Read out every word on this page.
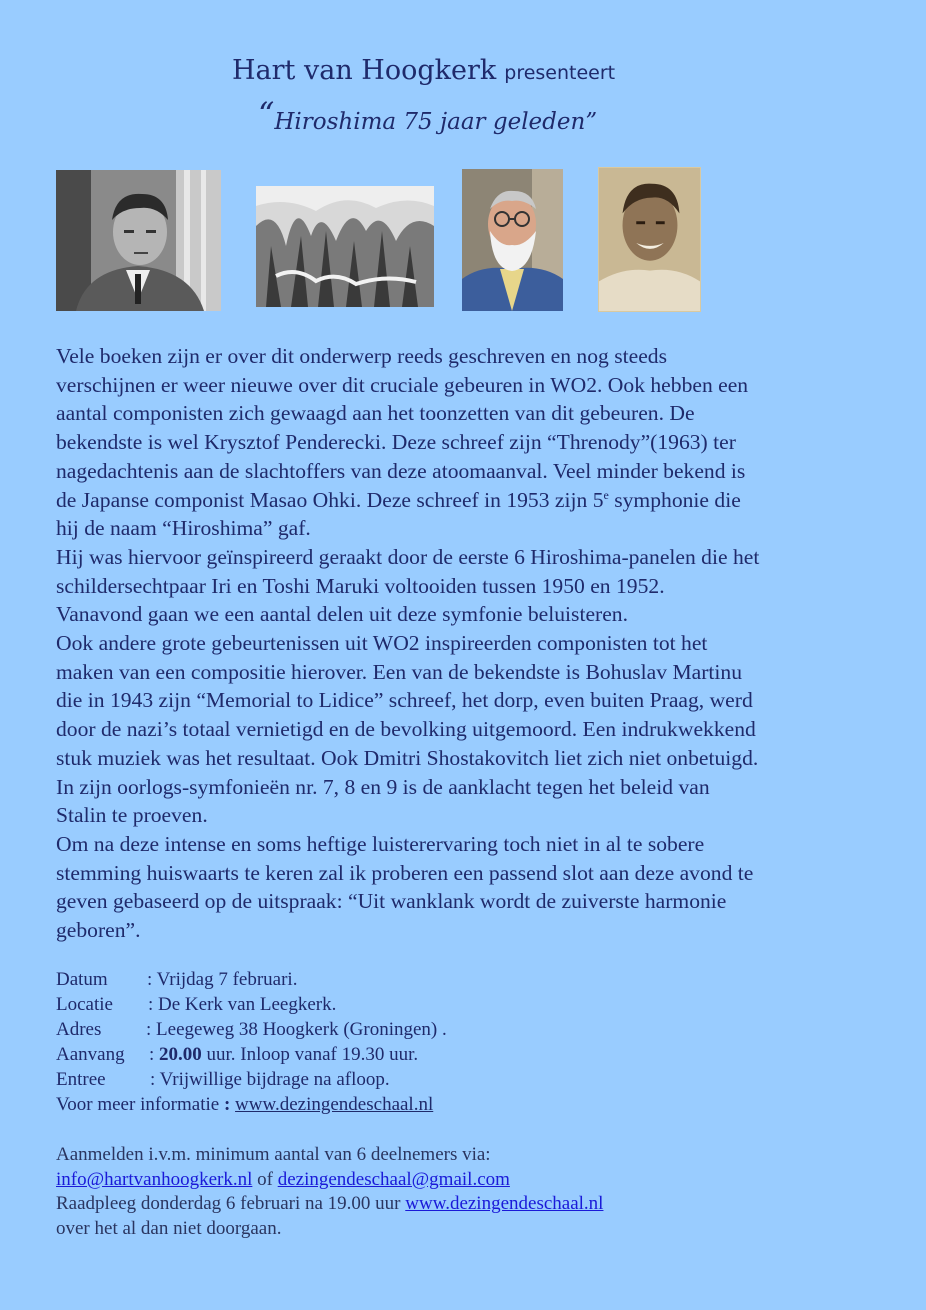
Hart van Hoogkerk presenteert
“Hiroshima 75 jaar geleden”
Vele boeken zijn er over dit onderwerp reeds geschreven en nog steeds
verschijnen er weer nieuwe over dit cruciale gebeuren in WO2. Ook hebben een
aantal componisten zich gewaagd aan het toonzetten van dit gebeuren. De
bekendste is wel Krysztof Penderecki. Deze schreef zijn “Threnody”(1963) ter
nagedachtenis aan de slachtoffers van deze atoomaanval. Veel minder bekend is
de Japanse componist Masao Ohki. Deze schreef in 1953 zijn 5e symphonie die
hij de naam “Hiroshima” gaf.
Hij was hiervoor geïnspireerd geraakt door de eerste 6 Hiroshima-panelen die het
schildersechtpaar Iri en Toshi Maruki voltooiden tussen 1950 en 1952.
Vanavond gaan we een aantal delen uit deze symfonie beluisteren.
Ook andere grote gebeurtenissen uit WO2 inspireerden componisten tot het
maken van een compositie hierover. Een van de bekendste is Bohuslav Martinu
die in 1943 zijn “Memorial to Lidice” schreef, het dorp, even buiten Praag, werd
door de nazi’s totaal vernietigd en de bevolking uitgemoord. Een indrukwekkend
stuk muziek was het resultaat. Ook Dmitri Shostakovitch liet zich niet onbetuigd.
In zijn oorlogs-symfonieën nr. 7, 8 en 9 is de aanklacht tegen het beleid van
Stalin te proeven.
Om na deze intense en soms heftige luisterervaring toch niet in al te sobere
stemming huiswaarts te keren zal ik proberen een passend slot aan deze avond te
geven gebaseerd op de uitspraak: “Uit wanklank wordt de zuiverste harmonie
geboren”.
Datum : Vrijdag 7 februari.
Locatie : De Kerk van Leegkerk.
Adres : Leegeweg 38 Hoogkerk (Groningen) .
Aanvang : 20.00 uur. Inloop vanaf 19.30 uur.
Entree : Vrijwillige bijdrage na afloop.
Voor meer informatie : www.dezingendeschaal.nl
Aanmelden i.v.m. minimum aantal van 6 deelnemers via:
info@hartvanhoogkerk.nl of dezingendeschaal@gmail.com
Raadpleeg donderdag 6 februari na 19.00 uur www.dezingendeschaal.nl
over het al dan niet doorgaan.
